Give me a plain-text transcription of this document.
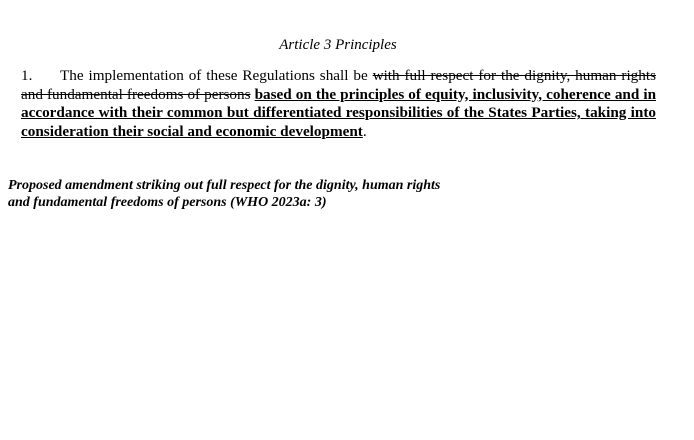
Article 3 Principles
1. The implementation of these Regulations shall be with full respect for the dignity, human rights and fundamental freedoms of persons based on the principles of equity, inclusivity, coherence and in accordance with their common but differentiated responsibilities of the States Parties, taking into consideration their social and economic development.
Proposed amendment striking out full respect for the dignity, human rights and fundamental freedoms of persons (WHO 2023a: 3)
